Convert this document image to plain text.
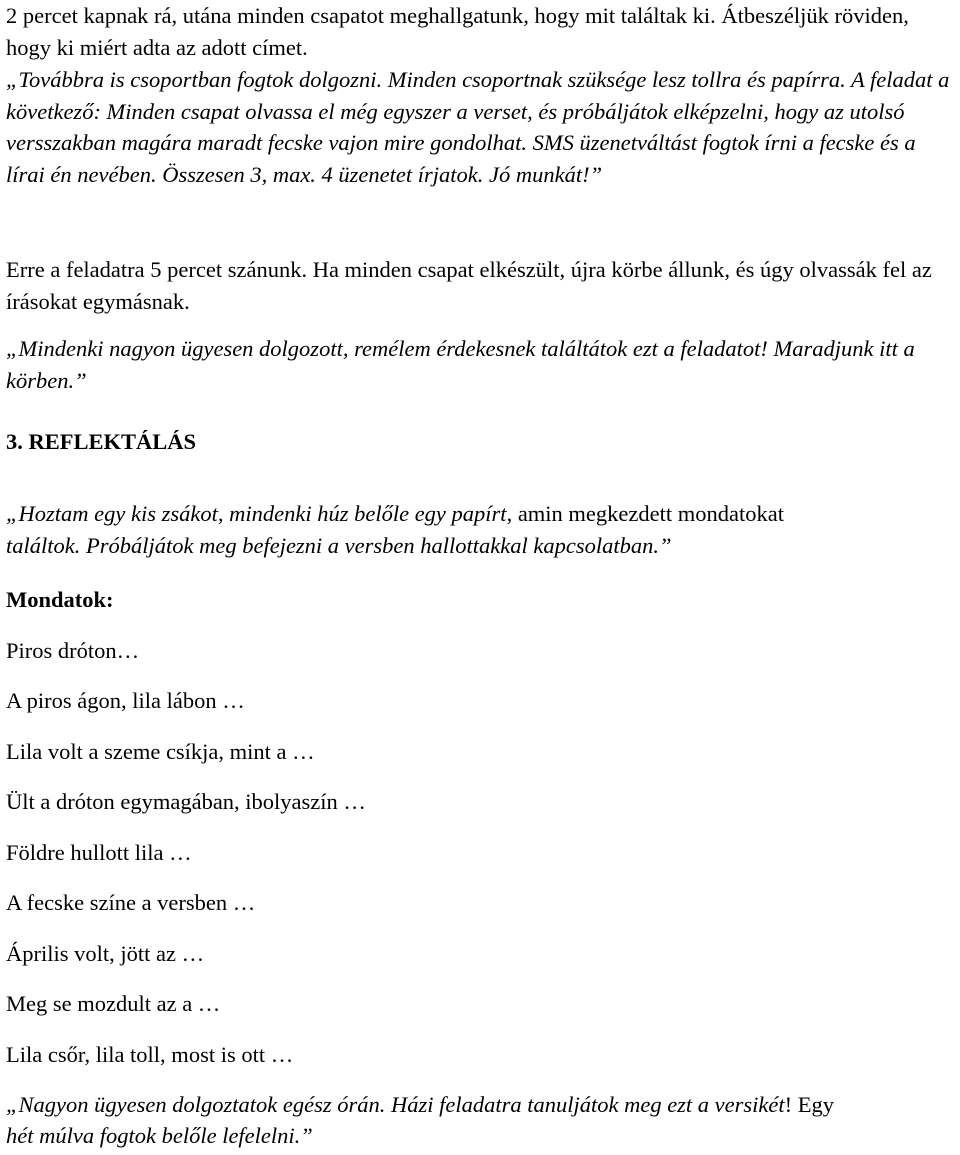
2 percet kapnak rá, utána minden csapatot meghallgatunk, hogy mit találtak ki. Átbeszéljük röviden, hogy ki miért adta az adott címet.

„Továbbra is csoportban fogtok dolgozni. Minden csoportnak szüksége lesz tollra és papírra. A feladat a következő: Minden csapat olvassa el még egyszer a verset, és próbáljátok elképzelni, hogy az utolsó versszakban magára maradt fecske vajon mire gondolhat. SMS üzenetváltást fogtok írni a fecske és a lírai én nevében. Összesen 3, max. 4 üzenetet írjatok. Jó munkát!”

Erre a feladatra 5 percet szánunk. Ha minden csapat elkészült, újra körbe állunk, és úgy olvassák fel az írásokat egymásnak.

„Mindenki nagyon ügyesen dolgozott, remélem érdekesnek találtátok ezt a feladatot! Maradjunk itt a körben.”

3. REFLEKTÁLÁS

„Hoztam egy kis zsákot, mindenki húz belőle egy papírt, amin megkezdett mondatokat

találtok. Próbáljátok meg befejezni a versben hallottakkal kapcsolatban.”

Mondatok:

Piros dróton…

A piros ágon, lila lábon …

Lila volt a szeme csíkja, mint a …

Ült a dróton egymagában, ibolyaszín …

Földre hullott lila …

A fecske színe a versben …

Április volt, jött az …

Meg se mozdult az a …

Lila csőr, lila toll, most is ott …

„Nagyon ügyesen dolgoztatok egész órán. Házi feladatra tanuljátok meg ezt a versikét! Egy

hét múlva fogtok belőle lefelelni.”
